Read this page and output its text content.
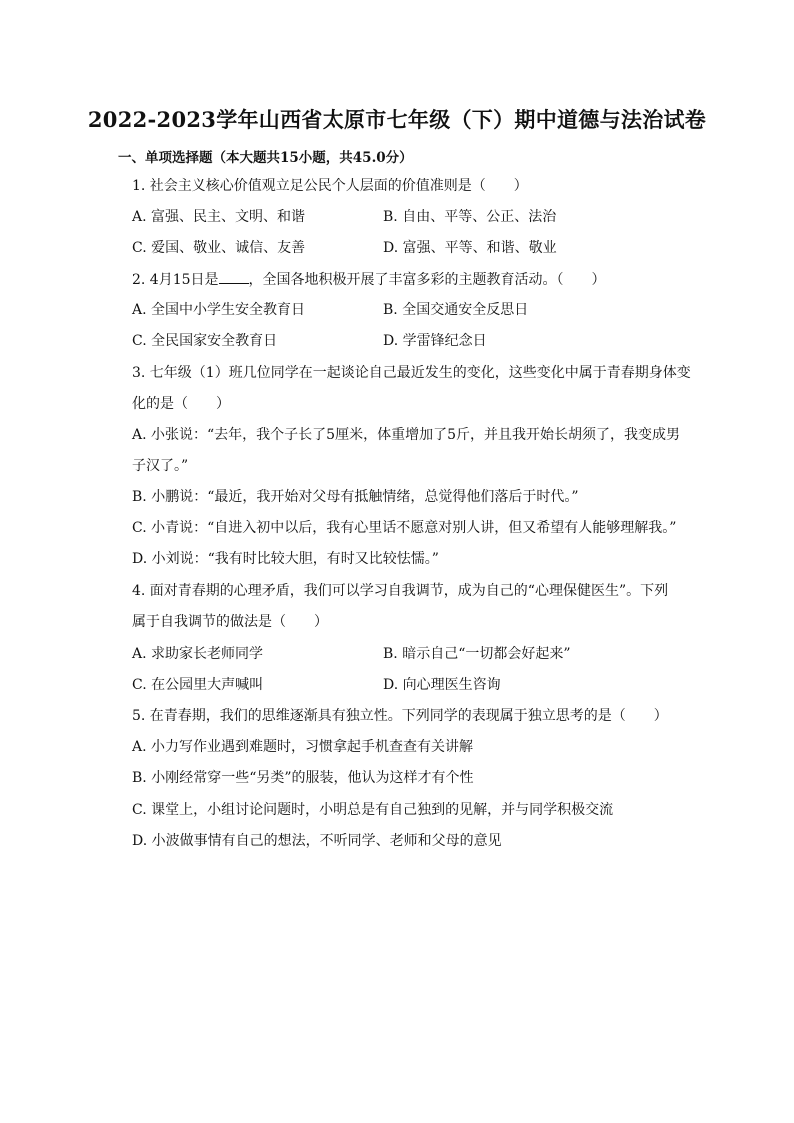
2022-2023学年山西省太原市七年级（下）期中道德与法治试卷
一、单项选择题（本大题共15小题，共45.0分）
1. 社会主义核心价值观立足公民个人层面的价值准则是（　　）
A. 富强、民主、文明、和谐	B. 自由、平等、公正、法治
C. 爱国、敬业、诚信、友善	D. 富强、平等、和谐、敬业
2. 4月15日是 ，全国各地积极开展了丰富多彩的主题教育活动。（　　）
A. 全国中小学生安全教育日	B. 全国交通安全反思日
C. 全民国家安全教育日	D. 学雷锋纪念日
3. 七年级（1）班几位同学在一起谈论自己最近发生的变化，这些变化中属于青春期身体变
化的是（　　）
A. 小张说：“去年，我个子长了5厘米，体重增加了5斤，并且我开始长胡须了，我变成男
子汉了。”
B. 小鹏说：“最近，我开始对父母有抵触情绪，总觉得他们落后于时代。”
C. 小青说：“自进入初中以后，我有心里话不愿意对别人讲，但又希望有人能够理解我。”
D. 小刘说：“我有时比较大胆，有时又比较怯懦。”
4. 面对青春期的心理矛盾，我们可以学习自我调节，成为自己的“心理保健医生”。下列
属于自我调节的做法是（　　）
A. 求助家长老师同学	B. 暗示自己“一切都会好起来”
C. 在公园里大声喊叫	D. 向心理医生咨询
5. 在青春期，我们的思维逐渐具有独立性。下列同学的表现属于独立思考的是（　　）
A. 小力写作业遇到难题时，习惯拿起手机查查有关讲解
B. 小刚经常穿一些“另类”的服装，他认为这样才有个性
C. 课堂上，小组讨论问题时，小明总是有自己独到的见解，并与同学积极交流
D. 小波做事情有自己的想法，不听同学、老师和父母的意见
